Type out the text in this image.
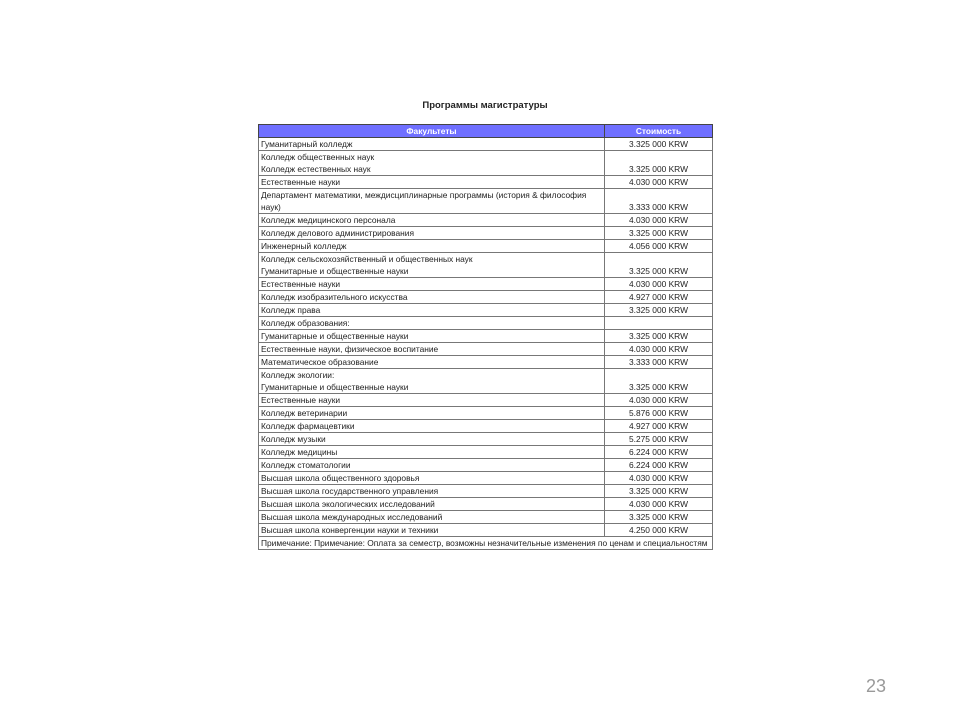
Программы магистратуры
Факультеты	Стоимость
Гуманитарный колледж	3.325 000 KRW
Колледж общественных наук
Колледж естественных наук	3.325 000 KRW
Естественные науки	4.030 000 KRW
Департамент математики, междисциплинарные программы (история & философия наук)	3.333 000 KRW
Колледж медицинского персонала	4.030 000 KRW
Колледж делового администрирования	3.325 000 KRW
Инженерный колледж	4.056 000 KRW
Колледж сельскохозяйственный и общественных наук
Гуманитарные и общественные науки	3.325 000 KRW
Естественные науки	4.030 000 KRW
Колледж изобразительного искусства	4.927 000 KRW
Колледж права	3.325 000 KRW
Колледж образования:	
Гуманитарные и общественные науки	3.325 000 KRW
Естественные науки, физическое воспитание	4.030 000 KRW
Математическое образование	3.333 000 KRW
Колледж экологии:
Гуманитарные и общественные науки	3.325 000 KRW
Естественные науки	4.030 000 KRW
Колледж ветеринарии	5.876 000 KRW
Колледж фармацевтики	4.927 000 KRW
Колледж музыки	5.275 000 KRW
Колледж медицины	6.224 000 KRW
Колледж стоматологии	6.224 000 KRW
Высшая школа общественного здоровья	4.030 000 KRW
Высшая школа государственного управления	3.325 000 KRW
Высшая школа экологических исследований	4.030 000 KRW
Высшая школа международных исследований	3.325 000 KRW
Высшая школа конвергенции науки и техники	4.250 000 KRW
Примечание: Примечание: Оплата за семестр, возможны незначительные изменения по ценам и специальностям	
23
